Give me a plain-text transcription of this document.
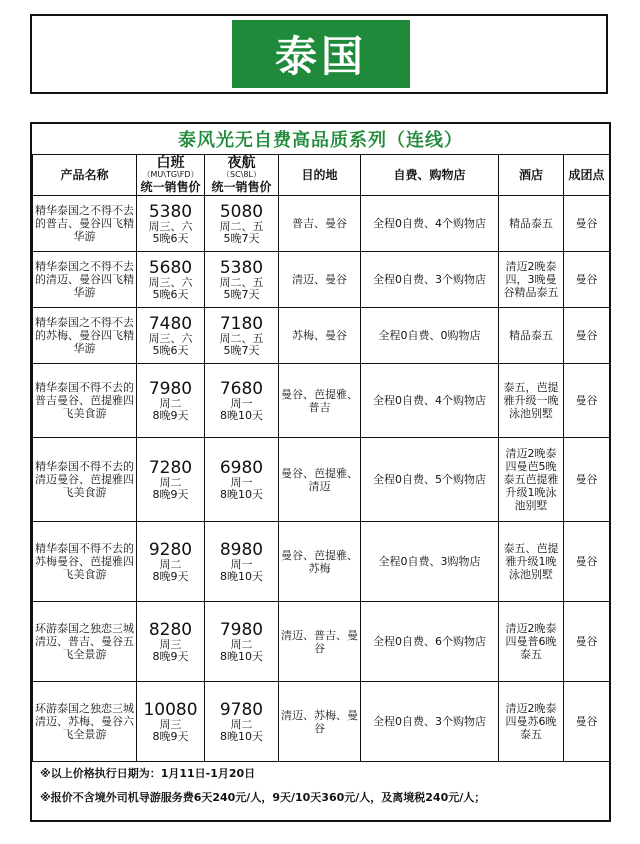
泰国
泰风光无自费高品质系列（连线）
产品名称	白班
（MU\TG\FD）
统一销售价	夜航
（SC\8L）
统一销售价	目的地	自费、购物店	酒店	成团点
精华泰国之不得不去的普吉、曼谷四飞精华游	5380
周三、六
5晚6天	5080
周二、五
5晚7天	普吉、曼谷	全程0自费、4个购物店	精品泰五	曼谷
精华泰国之不得不去的清迈、曼谷四飞精华游	5680
周三、六
5晚6天	5380
周二、五
5晚7天	清迈、曼谷	全程0自费、3个购物店	清迈2晚泰四，3晚曼谷精品泰五	曼谷
精华泰国之不得不去的苏梅、曼谷四飞精华游	7480
周三、六
5晚6天	7180
周二、五
5晚7天	苏梅、曼谷	全程0自费、0购物店	精品泰五	曼谷
精华泰国不得不去的普吉曼谷、芭提雅四飞美食游	7980
周二
8晚9天	7680
周一
8晚10天	曼谷、芭提雅、普吉	全程0自费、4个购物店	泰五，芭提雅升级一晚泳池别墅	曼谷
精华泰国不得不去的清迈曼谷、芭提雅四飞美食游	7280
周二
8晚9天	6980
周一
8晚10天	曼谷、芭提雅、清迈	全程0自费、5个购物店	清迈2晚泰四曼芭5晚泰五芭提雅升级1晚泳池别墅	曼谷
精华泰国不得不去的苏梅曼谷、芭提雅四飞美食游	9280
周二
8晚9天	8980
周一
8晚10天	曼谷、芭提雅、苏梅	全程0自费、3购物店	泰五、芭提雅升级1晚泳池别墅	曼谷
环游泰国之独恋三城 清迈、普吉、曼谷五飞全景游	8280
周三
8晚9天	7980
周二
8晚10天	清迈、普吉、曼谷	全程0自费、6个购物店	清迈2晚泰四曼普6晚泰五	曼谷
环游泰国之独恋三城 清迈、苏梅、曼谷六飞全景游	10080
周三
8晚9天	9780
周二
8晚10天	清迈、苏梅、曼谷	全程0自费、3个购物店	清迈2晚泰四曼苏6晚泰五	曼谷
※以上价格执行日期为：1月11日-1月20日
※报价不含境外司机导游服务费6天240元/人，9天/10天360元/人，及离境税240元/人；
